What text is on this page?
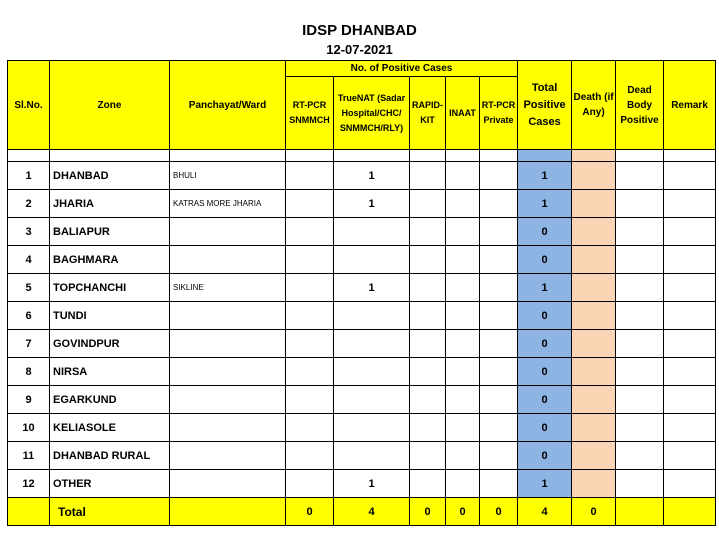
IDSP DHANBAD
12-07-2021
Sl.No.	Zone	Panchayat/Ward	No. of Positive Cases					Total Positive Cases	Death (if Any)	Dead Body Positive	Remark
			RT-PCR SNMMCH	TrueNAT (Sadar Hospital/CHC/ SNMMCH/RLY)	RAPID-KIT	INAAT	RT-PCR Private				

1	DHANBAD	BHULI		1				1			
2	JHARIA	KATRAS MORE JHARIA		1				1			
3	BALIAPUR							0			
4	BAGHMARA							0			
5	TOPCHANCHI	SIKLINE		1				1			
6	TUNDI							0			
7	GOVINDPUR							0			
8	NIRSA							0			
9	EGARKUND							0			
10	KELIASOLE							0			
11	DHANBAD RURAL							0			
12	OTHER			1				1			
	Total		0	4	0	0	0	4	0		
